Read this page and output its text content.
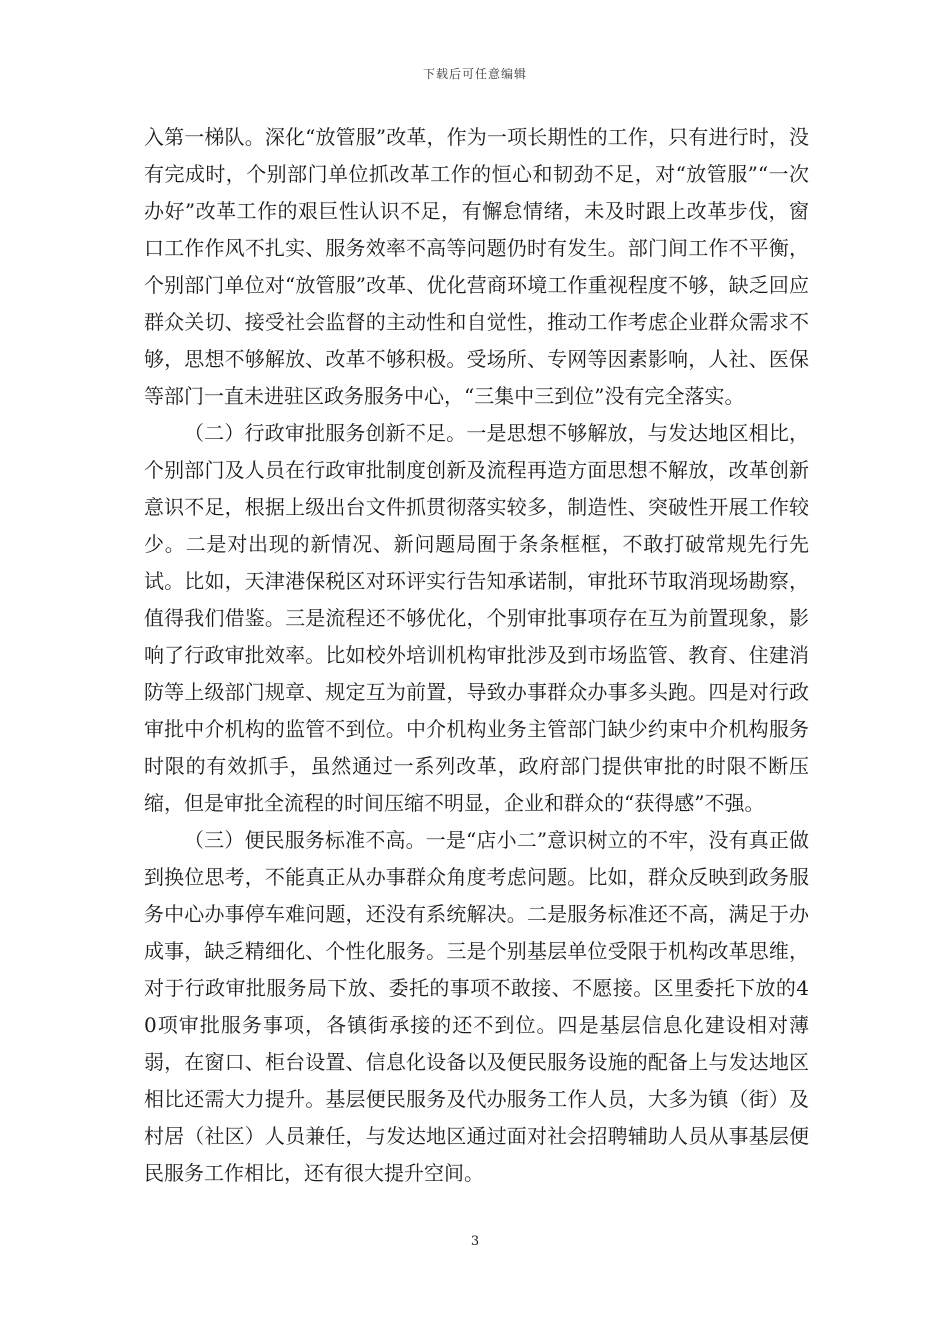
下载后可任意编辑

入第一梯队。深化“放管服”改革，作为一项长期性的工作，只有进行时，没有完成时，个别部门单位抓改革工作的恒心和韧劲不足，对“放管服”“一次办好”改革工作的艰巨性认识不足，有懈怠情绪，未及时跟上改革步伐，窗口工作作风不扎实、服务效率不高等问题仍时有发生。部门间工作不平衡，个别部门单位对“放管服”改革、优化营商环境工作重视程度不够，缺乏回应群众关切、接受社会监督的主动性和自觉性，推动工作考虑企业群众需求不够，思想不够解放、改革不够积极。受场所、专网等因素影响，人社、医保等部门一直未进驻区政务服务中心，“三集中三到位”没有完全落实。

（二）行政审批服务创新不足。一是思想不够解放，与发达地区相比，个别部门及人员在行政审批制度创新及流程再造方面思想不解放，改革创新意识不足，根据上级出台文件抓贯彻落实较多，制造性、突破性开展工作较少。二是对出现的新情况、新问题局囿于条条框框，不敢打破常规先行先试。比如，天津港保税区对环评实行告知承诺制，审批环节取消现场勘察，值得我们借鉴。三是流程还不够优化，个别审批事项存在互为前置现象，影响了行政审批效率。比如校外培训机构审批涉及到市场监管、教育、住建消防等上级部门规章、规定互为前置，导致办事群众办事多头跑。四是对行政审批中介机构的监管不到位。中介机构业务主管部门缺少约束中介机构服务时限的有效抓手，虽然通过一系列改革，政府部门提供审批的时限不断压缩，但是审批全流程的时间压缩不明显，企业和群众的“获得感”不强。

（三）便民服务标准不高。一是“店小二”意识树立的不牢，没有真正做到换位思考，不能真正从办事群众角度考虑问题。比如，群众反映到政务服务中心办事停车难问题，还没有系统解决。二是服务标准还不高，满足于办成事，缺乏精细化、个性化服务。三是个别基层单位受限于机构改革思维，对于行政审批服务局下放、委托的事项不敢接、不愿接。区里委托下放的40项审批服务事项，各镇街承接的还不到位。四是基层信息化建设相对薄弱，在窗口、柜台设置、信息化设备以及便民服务设施的配备上与发达地区相比还需大力提升。基层便民服务及代办服务工作人员，大多为镇（街）及村居（社区）人员兼任，与发达地区通过面对社会招聘辅助人员从事基层便民服务工作相比，还有很大提升空间。

3
